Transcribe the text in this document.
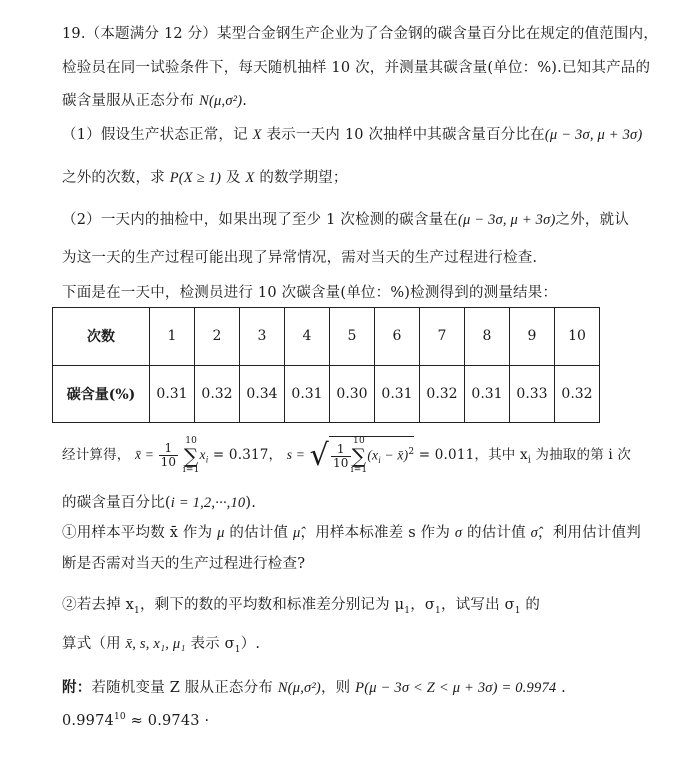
19.（本题满分 12 分）某型合金钢生产企业为了合金钢的碳含量百分比在规定的值范围内，
检验员在同一试验条件下，每天随机抽样 10 次，并测量其碳含量(单位：%).已知其产品的
碳含量服从正态分布 N(μ,σ²).
（1）假设生产状态正常，记 X 表示一天内 10 次抽样中其碳含量百分比在(μ − 3σ, μ + 3σ)
之外的次数，求 P(X ≥ 1) 及 X 的数学期望；
（2）一天内的抽检中，如果出现了至少 1 次检测的碳含量在(μ − 3σ, μ + 3σ)之外，就认
为这一天的生产过程可能出现了异常情况，需对当天的生产过程进行检查.
下面是在一天中，检测员进行 10 次碳含量(单位：%)检测得到的测量结果：
次数	1	2	3	4	5	6	7	8	9	10
碳含量(%)	0.31	0.32	0.34	0.31	0.30	0.31	0.32	0.31	0.33	0.32
经计算得， x̄ = $\frac{1}{10}$
10
∑
$i=1x_i = 0.317$， s = √ $\frac{1}{10}$
10
∑
$i=1(x_i$ − x̄)$^2$ = 0.011，其中 $x_i$ 为抽取的第 i 次
的碳含量百分比(i = 1,2,···,10).
①用样本平均数 x̄ 作为 μ 的估计值 μ̂，用样本标准差 s 作为 σ 的估计值 σ̂，利用估计值判
断是否需对当天的生产过程进行检查?
②若去掉 $x_1$，剩下的数的平均数和标准差分别记为 $\mu_1$，$\sigma_1$，试写出 $\sigma_1$ 的
算式（用 x̄, s, x₁, μ₁ 表示 $\sigma_1$）.
附：若随机变量 Z 服从正态分布 N(μ,σ²)，则 P(μ − 3σ < Z < μ + 3σ) = 0.9974 .
$0.9974^{10} \approx 0.9743$ ·
